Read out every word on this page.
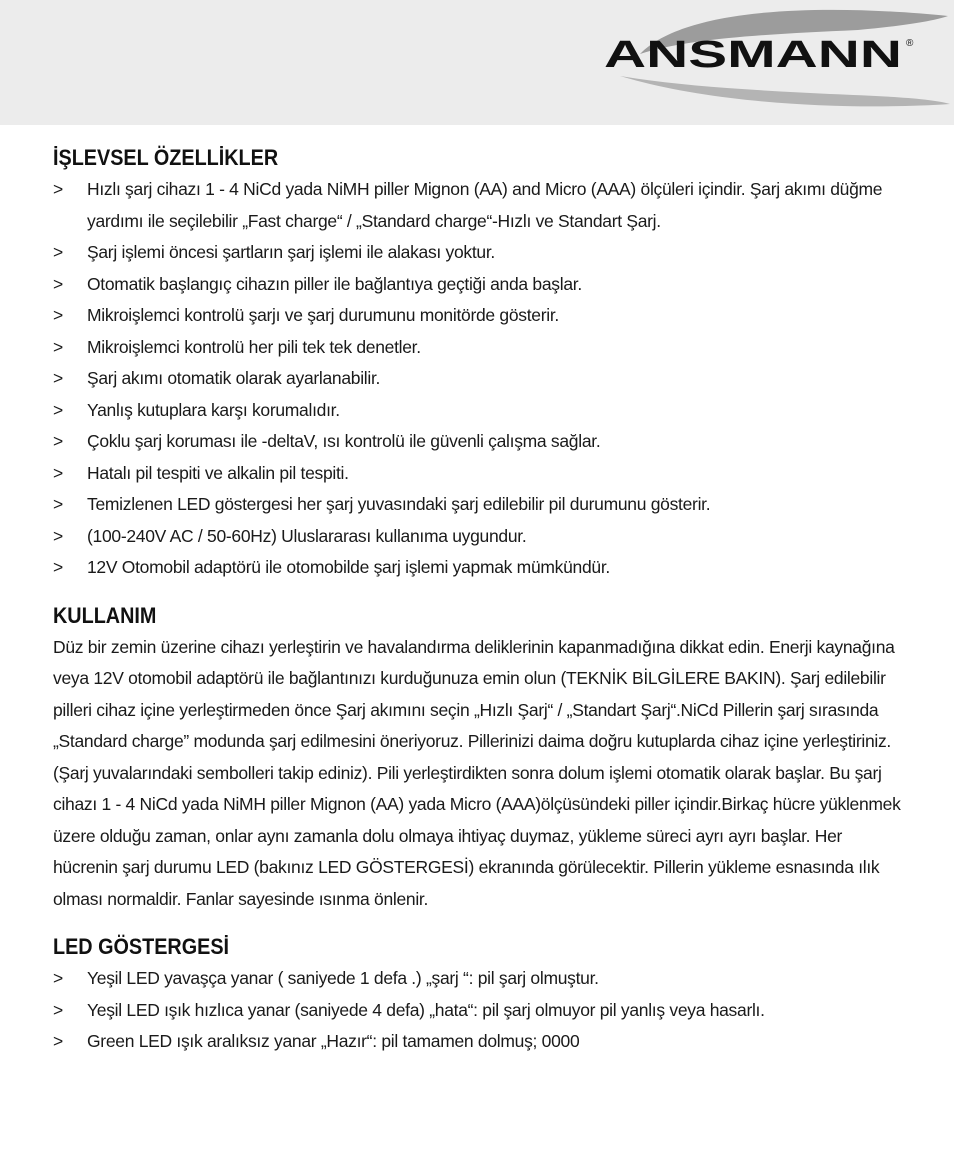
ANSMANN ®
İŞLEVSEL ÖZELLİKLER
> Hızlı şarj cihazı 1 - 4 NiCd yada NiMH piller Mignon (AA) and Micro (AAA) ölçüleri içindir. Şarj akımı düğme yardımı ile seçilebilir „Fast charge“ / „Standard charge“-Hızlı ve Standart Şarj.
> Şarj işlemi öncesi şartların şarj işlemi ile alakası yoktur.
> Otomatik başlangıç cihazın piller ile bağlantıya geçtiği anda başlar.
> Mikroişlemci kontrolü şarjı ve şarj durumunu monitörde gösterir.
> Mikroişlemci kontrolü her pili tek tek denetler.
> Şarj akımı otomatik olarak ayarlanabilir.
> Yanlış kutuplara karşı korumalıdır.
> Çoklu şarj koruması ile -deltaV, ısı kontrolü ile güvenli çalışma sağlar.
> Hatalı pil tespiti ve alkalin pil tespiti.
> Temizlenen LED göstergesi her şarj yuvasındaki şarj edilebilir pil durumunu gösterir.
> (100-240V AC / 50-60Hz) Uluslararası kullanıma uygundur.
> 12V Otomobil adaptörü ile otomobilde şarj işlemi yapmak mümkündür.
KULLANIM

Düz bir zemin üzerine cihazı yerleştirin ve havalandırma deliklerinin kapanmadığına dikkat edin. Enerji kaynağına veya 12V otomobil adaptörü ile bağlantınızı kurduğunuza emin olun (TEKNİK BİLGİLERE BAKIN). Şarj edilebilir pilleri cihaz içine yerleştirmeden önce Şarj akımını seçin „Hızlı Şarj“ / „Standart Şarj“.NiCd Pillerin şarj sırasında „Standard charge” modunda şarj edilmesini öneriyoruz. Pillerinizi daima doğru kutuplarda cihaz içine yerleştiriniz.(Şarj yuvalarındaki sembolleri takip ediniz). Pili yerleştirdikten sonra dolum işlemi otomatik olarak başlar. Bu şarj cihazı 1 - 4 NiCd yada NiMH piller Mignon (AA) yada Micro (AAA)ölçüsündeki piller içindir.Birkaç hücre yüklenmek üzere olduğu zaman, onlar aynı zamanla dolu olmaya ihtiyaç duymaz, yükleme süreci ayrı ayrı başlar. Her hücrenin şarj durumu LED (bakınız LED GÖSTERGESİ) ekranında görülecektir. Pillerin yükleme esnasında ılık olması normaldir. Fanlar sayesinde ısınma önlenir.

LED GÖSTERGESİ
> Yeşil LED yavaşça yanar ( saniyede 1 defa .) „şarj “: pil şarj olmuştur.
> Yeşil LED ışık hızlıca yanar (saniyede 4 defa) „hata“: pil şarj olmuyor pil yanlış veya hasarlı.
> Green LED ışık aralıksız yanar „Hazır“: pil tamamen dolmuş; 0000
